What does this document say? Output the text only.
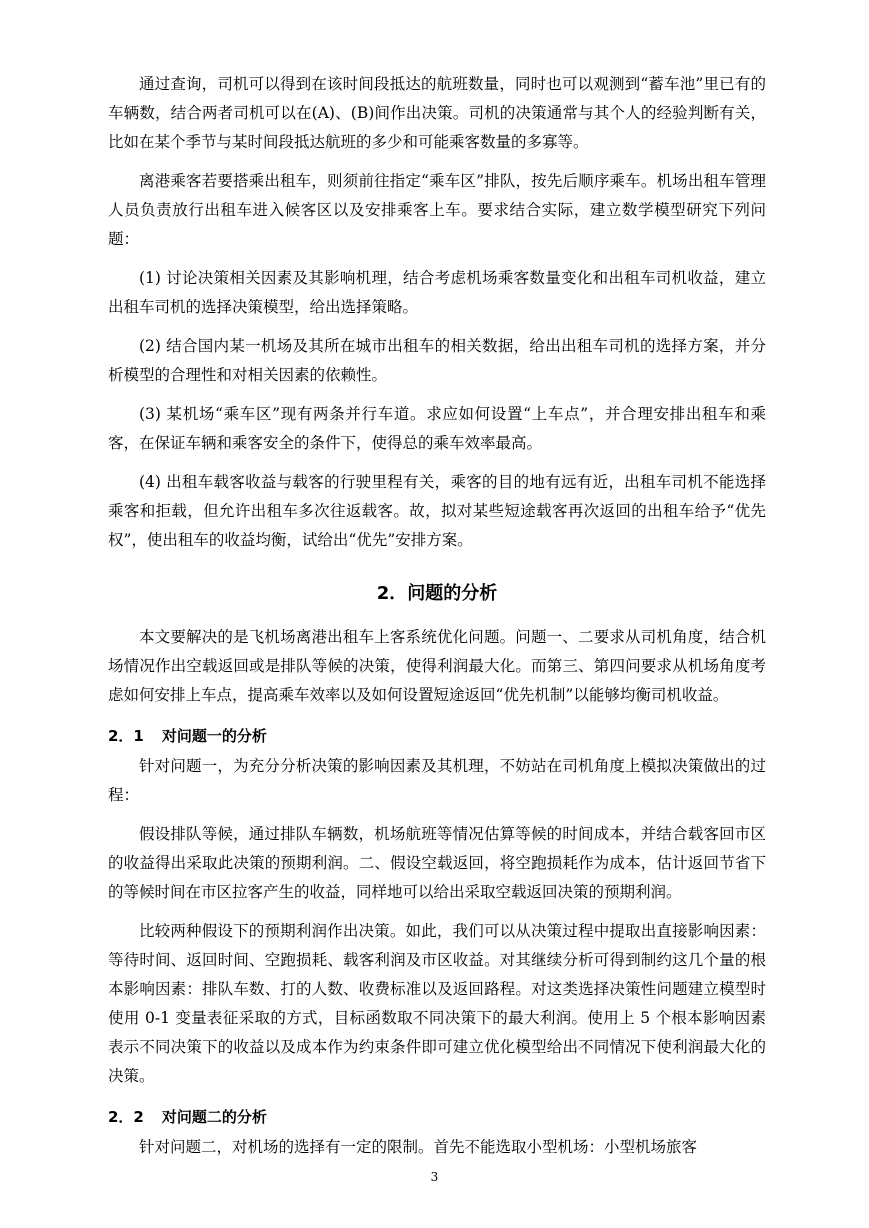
通过查询，司机可以得到在该时间段抵达的航班数量，同时也可以观测到“蓄车池”里已有的车辆数，结合两者司机可以在(A)、(B)间作出决策。司机的决策通常与其个人的经验判断有关，比如在某个季节与某时间段抵达航班的多少和可能乘客数量的多寡等。

离港乘客若要搭乘出租车，则须前往指定“乘车区”排队，按先后顺序乘车。机场出租车管理人员负责放行出租车进入候客区以及安排乘客上车。要求结合实际，建立数学模型研究下列问题：

(1) 讨论决策相关因素及其影响机理，结合考虑机场乘客数量变化和出租车司机收益，建立出租车司机的选择决策模型，给出选择策略。

(2) 结合国内某一机场及其所在城市出租车的相关数据，给出出租车司机的选择方案，并分析模型的合理性和对相关因素的依赖性。

(3) 某机场“乘车区”现有两条并行车道。求应如何设置“上车点”，并合理安排出租车和乘客，在保证车辆和乘客安全的条件下，使得总的乘车效率最高。

(4) 出租车载客收益与载客的行驶里程有关，乘客的目的地有远有近，出租车司机不能选择乘客和拒载，但允许出租车多次往返载客。故，拟对某些短途载客再次返回的出租车给予“优先权”，使出租车的收益均衡，试给出“优先”安排方案。

2．问题的分析

本文要解决的是飞机场离港出租车上客系统优化问题。问题一、二要求从司机角度，结合机场情况作出空载返回或是排队等候的决策，使得利润最大化。而第三、第四问要求从机场角度考虑如何安排上车点，提高乘车效率以及如何设置短途返回“优先机制”以能够均衡司机收益。

2．1 对问题一的分析

针对问题一，为充分分析决策的影响因素及其机理，不妨站在司机角度上模拟决策做出的过程：

假设排队等候，通过排队车辆数，机场航班等情况估算等候的时间成本，并结合载客回市区的收益得出采取此决策的预期利润。二、假设空载返回，将空跑损耗作为成本，估计返回节省下的等候时间在市区拉客产生的收益，同样地可以给出采取空载返回决策的预期利润。

比较两种假设下的预期利润作出决策。如此，我们可以从决策过程中提取出直接影响因素：等待时间、返回时间、空跑损耗、载客利润及市区收益。对其继续分析可得到制约这几个量的根本影响因素：排队车数、打的人数、收费标准以及返回路程。对这类选择决策性问题建立模型时使用 0-1 变量表征采取的方式，目标函数取不同决策下的最大利润。使用上 5 个根本影响因素表示不同决策下的收益以及成本作为约束条件即可建立优化模型给出不同情况下使利润最大化的决策。

2．2 对问题二的分析

针对问题二，对机场的选择有一定的限制。首先不能选取小型机场：小型机场旅客

3
